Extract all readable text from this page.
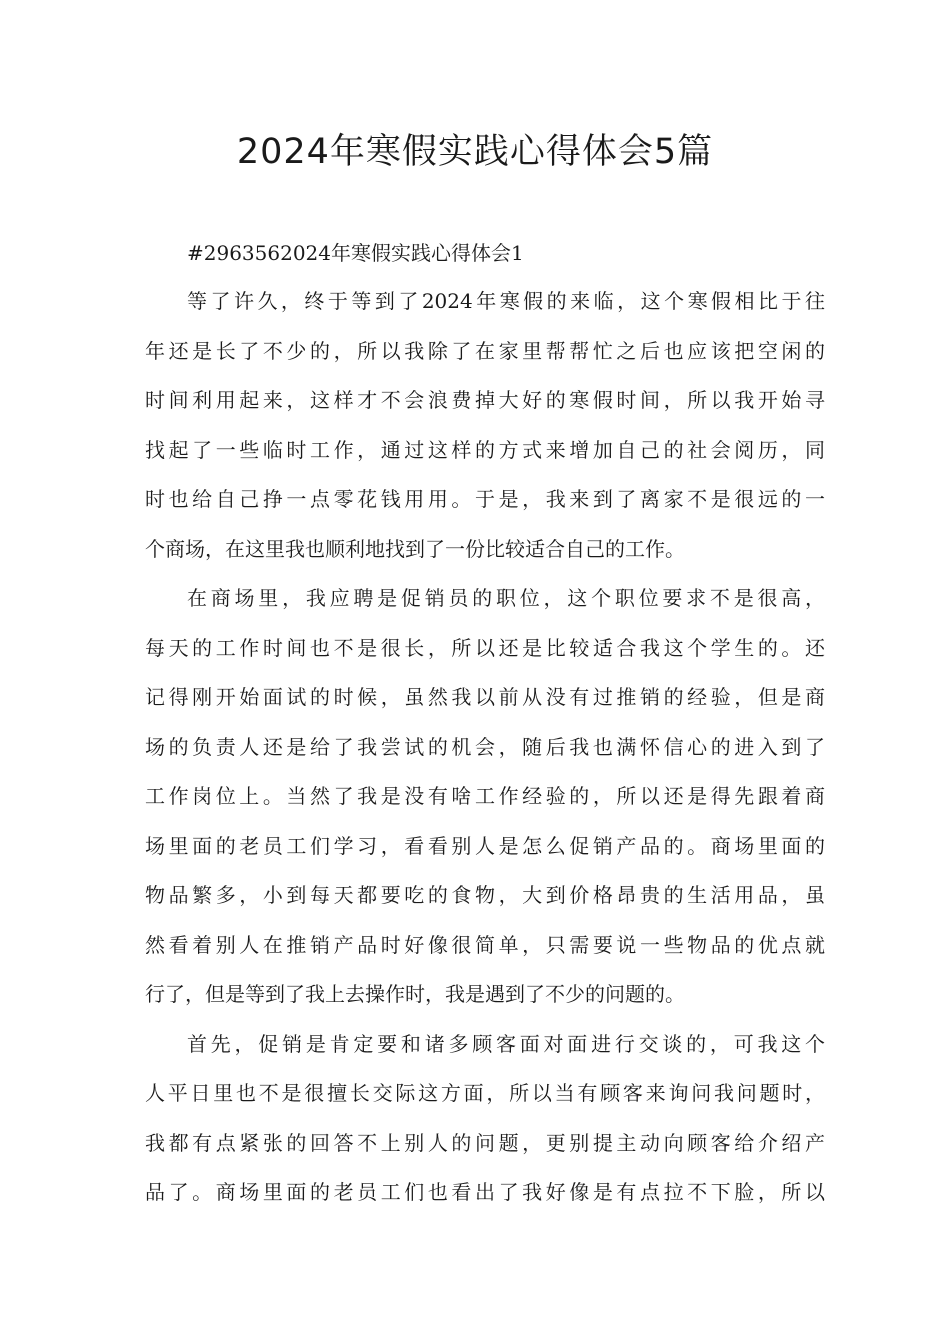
2024年寒假实践心得体会5篇
#2963562024年寒假实践心得体会1

等了许久，终于等到了2024年寒假的来临，这个寒假相比于往
年还是长了不少的，所以我除了在家里帮帮忙之后也应该把空闲的
时间利用起来，这样才不会浪费掉大好的寒假时间，所以我开始寻
找起了一些临时工作，通过这样的方式来增加自己的社会阅历，同
时也给自己挣一点零花钱用用。于是，我来到了离家不是很远的一
个商场，在这里我也顺利地找到了一份比较适合自己的工作。

在商场里，我应聘是促销员的职位，这个职位要求不是很高，
每天的工作时间也不是很长，所以还是比较适合我这个学生的。还
记得刚开始面试的时候，虽然我以前从没有过推销的经验，但是商
场的负责人还是给了我尝试的机会，随后我也满怀信心的进入到了
工作岗位上。当然了我是没有啥工作经验的，所以还是得先跟着商
场里面的老员工们学习，看看别人是怎么促销产品的。商场里面的
物品繁多，小到每天都要吃的食物，大到价格昂贵的生活用品，虽
然看着别人在推销产品时好像很简单，只需要说一些物品的优点就
行了，但是等到了我上去操作时，我是遇到了不少的问题的。

首先，促销是肯定要和诸多顾客面对面进行交谈的，可我这个
人平日里也不是很擅长交际这方面，所以当有顾客来询问我问题时，
我都有点紧张的回答不上别人的问题，更别提主动向顾客给介绍产
品了。商场里面的老员工们也看出了我好像是有点拉不下脸，所以
